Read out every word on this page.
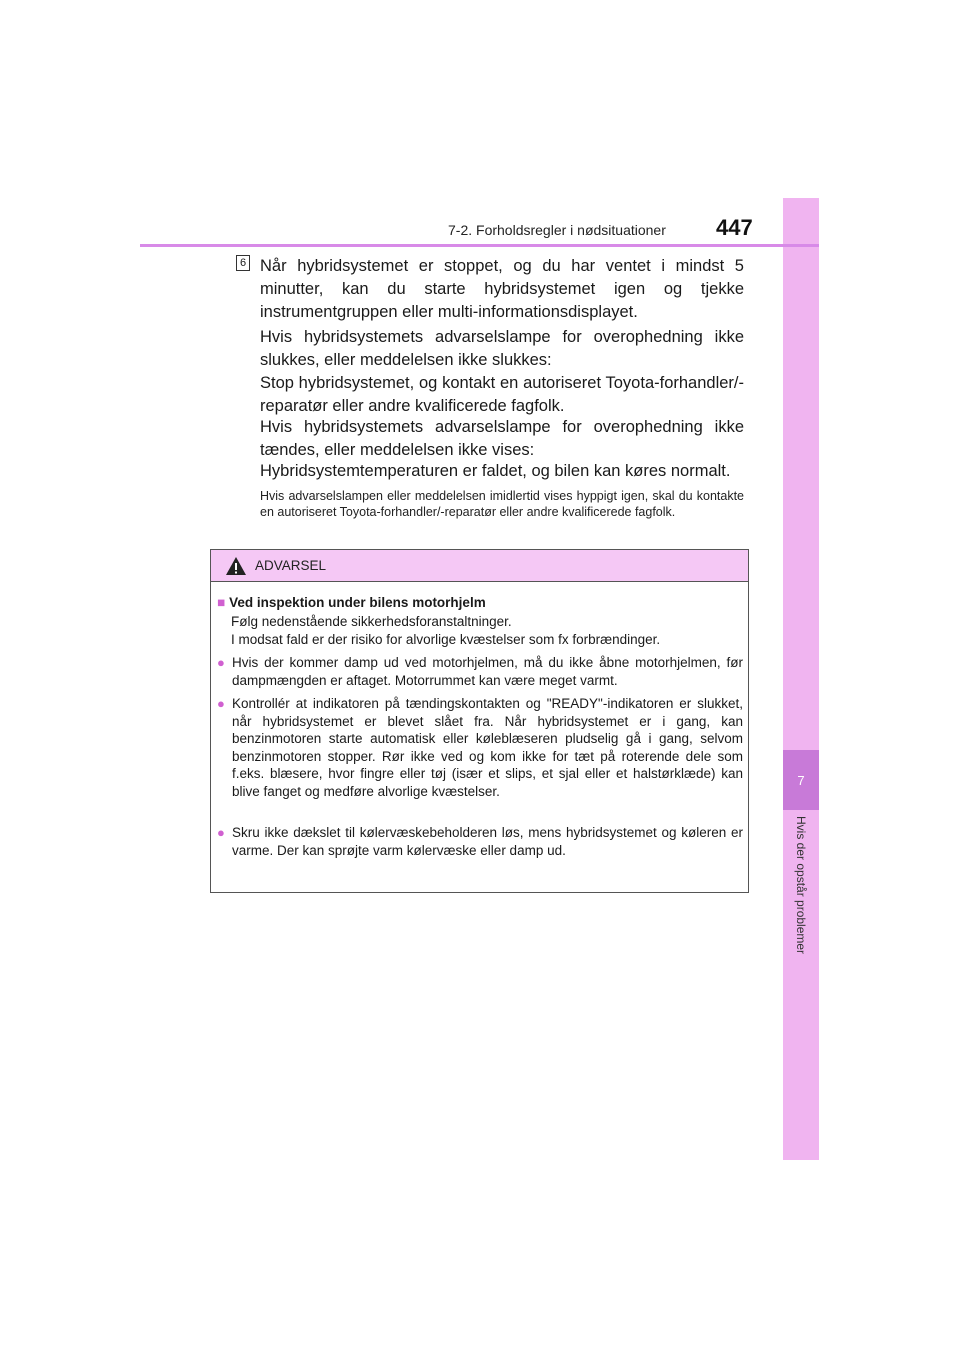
7
Hvis der opstår problemer
7-2. Forholdsregler i nødsituationer 447
6 Når hybridsystemet er stoppet, og du har ventet i mindst 5 minutter, kan du starte hybridsystemet igen og tjekke instrumentgruppen eller multi-informationsdisplayet.

Hvis hybridsystemets advarselslampe for overophedning ikke slukkes, eller meddelelsen ikke slukkes:

Stop hybridsystemet, og kontakt en autoriseret Toyota-forhandler/-reparatør eller andre kvalificerede fagfolk.

Hvis hybridsystemets advarselslampe for overophedning ikke tændes, eller meddelelsen ikke vises:

Hybridsystemtemperaturen er faldet, og bilen kan køres normalt.

Hvis advarselslampen eller meddelelsen imidlertid vises hyppigt igen, skal du kontakte en autoriseret Toyota-forhandler/-reparatør eller andre kvalificerede fagfolk.

ADVARSEL
■ Ved inspektion under bilens motorhjelm

Følg nedenstående sikkerhedsforanstaltninger.

I modsat fald er der risiko for alvorlige kvæstelser som fx forbrændinger.

● Hvis der kommer damp ud ved motorhjelmen, må du ikke åbne motorhjelmen, før dampmængden er aftaget. Motorrummet kan være meget varmt.

● Kontrollér at indikatoren på tændingskontakten og "READY"-indikatoren er slukket, når hybridsystemet er blevet slået fra. Når hybridsystemet er i gang, kan benzinmotoren starte automatisk eller køleblæseren pludselig gå i gang, selvom benzinmotoren stopper. Rør ikke ved og kom ikke for tæt på roterende dele som f.eks. blæsere, hvor fingre eller tøj (især et slips, et sjal eller et halstørklæde) kan blive fanget og medføre alvorlige kvæstelser.

● Skru ikke dækslet til kølervæskebeholderen løs, mens hybridsystemet og køleren er varme. Der kan sprøjte varm kølervæske eller damp ud.
